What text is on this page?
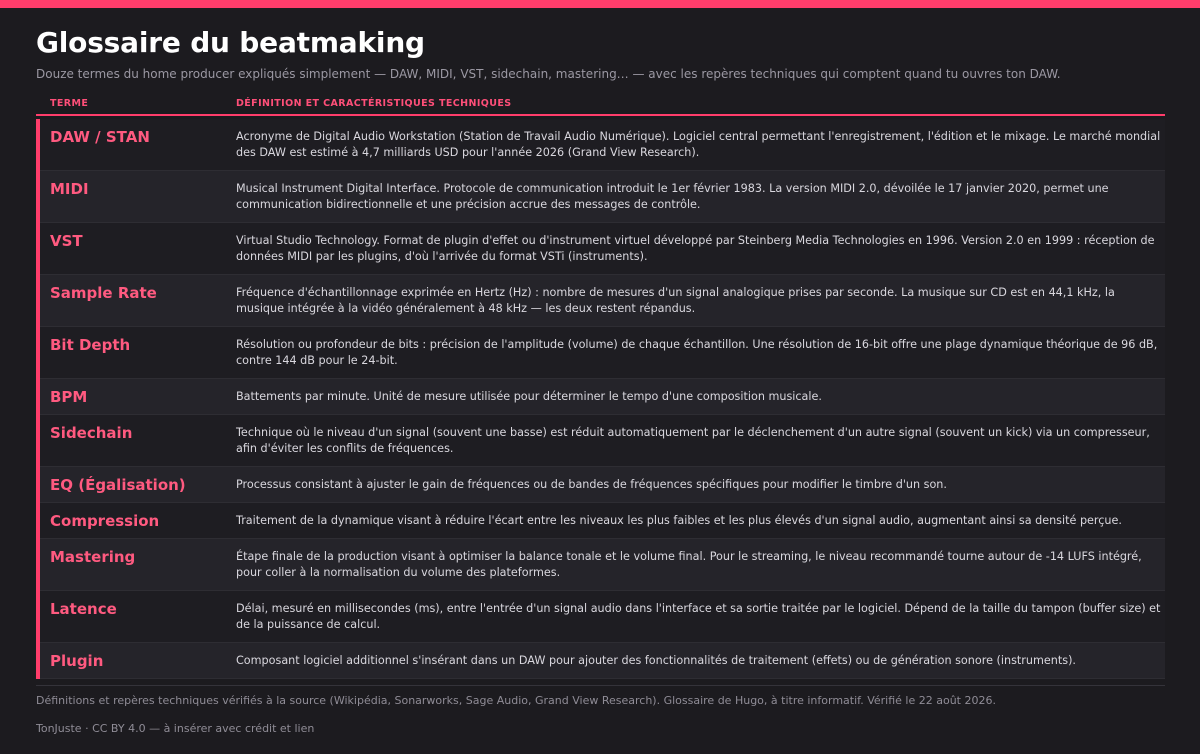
Glossaire du beatmaking

Douze termes du home producer expliqués simplement — DAW, MIDI, VST, sidechain, mastering… — avec les repères techniques qui comptent quand tu ouvres ton DAW.

TERME	DÉFINITION ET CARACTÉRISTIQUES TECHNIQUES
DAW / STAN	Acronyme de Digital Audio Workstation (Station de Travail Audio Numérique). Logiciel central permettant l'enregistrement, l'édition et le mixage. Le marché mondial des DAW est estimé à 4,7 milliards USD pour l'année 2026 (Grand View Research).
MIDI	Musical Instrument Digital Interface. Protocole de communication introduit le 1er février 1983. La version MIDI 2.0, dévoilée le 17 janvier 2020, permet une communication bidirectionnelle et une précision accrue des messages de contrôle.
VST	Virtual Studio Technology. Format de plugin d'effet ou d'instrument virtuel développé par Steinberg Media Technologies en 1996. Version 2.0 en 1999 : réception de données MIDI par les plugins, d'où l'arrivée du format VSTi (instruments).
Sample Rate	Fréquence d'échantillonnage exprimée en Hertz (Hz) : nombre de mesures d'un signal analogique prises par seconde. La musique sur CD est en 44,1 kHz, la musique intégrée à la vidéo généralement à 48 kHz — les deux restent répandus.
Bit Depth	Résolution ou profondeur de bits : précision de l'amplitude (volume) de chaque échantillon. Une résolution de 16-bit offre une plage dynamique théorique de 96 dB, contre 144 dB pour le 24-bit.
BPM	Battements par minute. Unité de mesure utilisée pour déterminer le tempo d'une composition musicale.
Sidechain	Technique où le niveau d'un signal (souvent une basse) est réduit automatiquement par le déclenchement d'un autre signal (souvent un kick) via un compresseur, afin d'éviter les conflits de fréquences.
EQ (Égalisation)	Processus consistant à ajuster le gain de fréquences ou de bandes de fréquences spécifiques pour modifier le timbre d'un son.
Compression	Traitement de la dynamique visant à réduire l'écart entre les niveaux les plus faibles et les plus élevés d'un signal audio, augmentant ainsi sa densité perçue.
Mastering	Étape finale de la production visant à optimiser la balance tonale et le volume final. Pour le streaming, le niveau recommandé tourne autour de -14 LUFS intégré, pour coller à la normalisation du volume des plateformes.
Latence	Délai, mesuré en millisecondes (ms), entre l'entrée d'un signal audio dans l'interface et sa sortie traitée par le logiciel. Dépend de la taille du tampon (buffer size) et de la puissance de calcul.
Plugin	Composant logiciel additionnel s'insérant dans un DAW pour ajouter des fonctionnalités de traitement (effets) ou de génération sonore (instruments).

Définitions et repères techniques vérifiés à la source (Wikipédia, Sonarworks, Sage Audio, Grand View Research). Glossaire de Hugo, à titre informatif. Vérifié le 22 août 2026.

TonJuste · CC BY 4.0 — à insérer avec crédit et lien
